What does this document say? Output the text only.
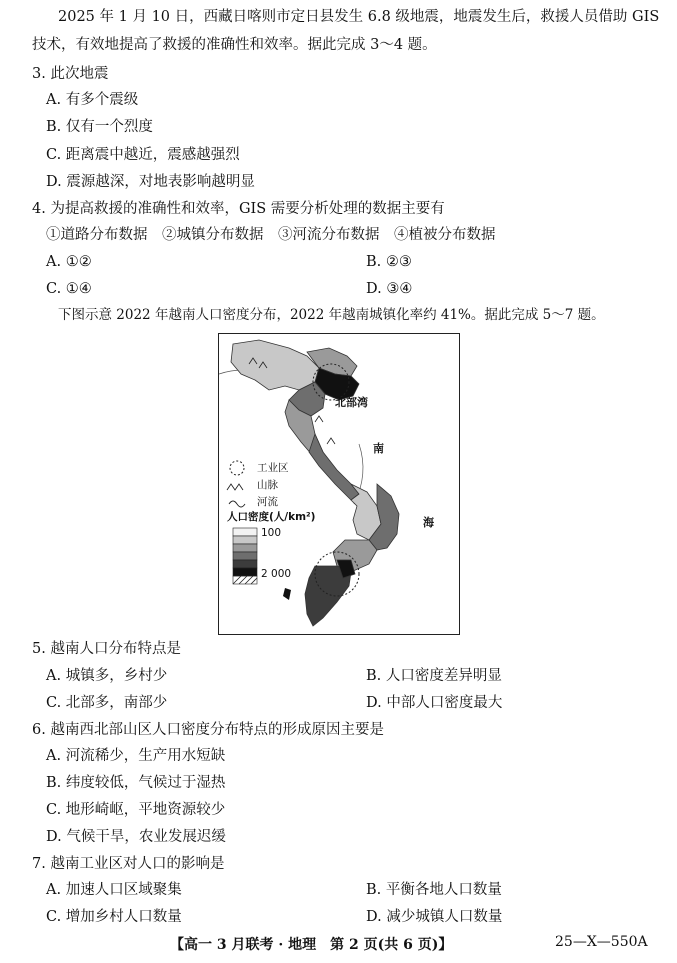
2025 年 1 月 10 日，西藏日喀则市定日县发生 6.8 级地震，地震发生后，救援人员借助 GIS
技术，有效地提高了救援的准确性和效率。据此完成 3～4 题。
3. 此次地震
A. 有多个震级
B. 仅有一个烈度
C. 距离震中越近，震感越强烈
D. 震源越深，对地表影响越明显
4. 为提高救援的准确性和效率，GIS 需要分析处理的数据主要有
①道路分布数据　②城镇分布数据　③河流分布数据　④植被分布数据
A. ①②	B. ②③
C. ①④	D. ③④
下图示意 2022 年越南人口密度分布，2022 年越南城镇化率约 41%。据此完成 5～7 题。
北部湾
南
海
工业区
山脉
河流
人口密度(人/km²)
100
2 000
5. 越南人口分布特点是
A. 城镇多，乡村少	B. 人口密度差异明显
C. 北部多，南部少	D. 中部人口密度最大
6. 越南西北部山区人口密度分布特点的形成原因主要是
A. 河流稀少，生产用水短缺
B. 纬度较低，气候过于湿热
C. 地形崎岖，平地资源较少
D. 气候干旱，农业发展迟缓
7. 越南工业区对人口的影响是
A. 加速人口区域聚集	B. 平衡各地人口数量
C. 增加乡村人口数量	D. 减少城镇人口数量
【高一 3 月联考 · 地理　第 2 页(共 6 页)】	25—X—550A
